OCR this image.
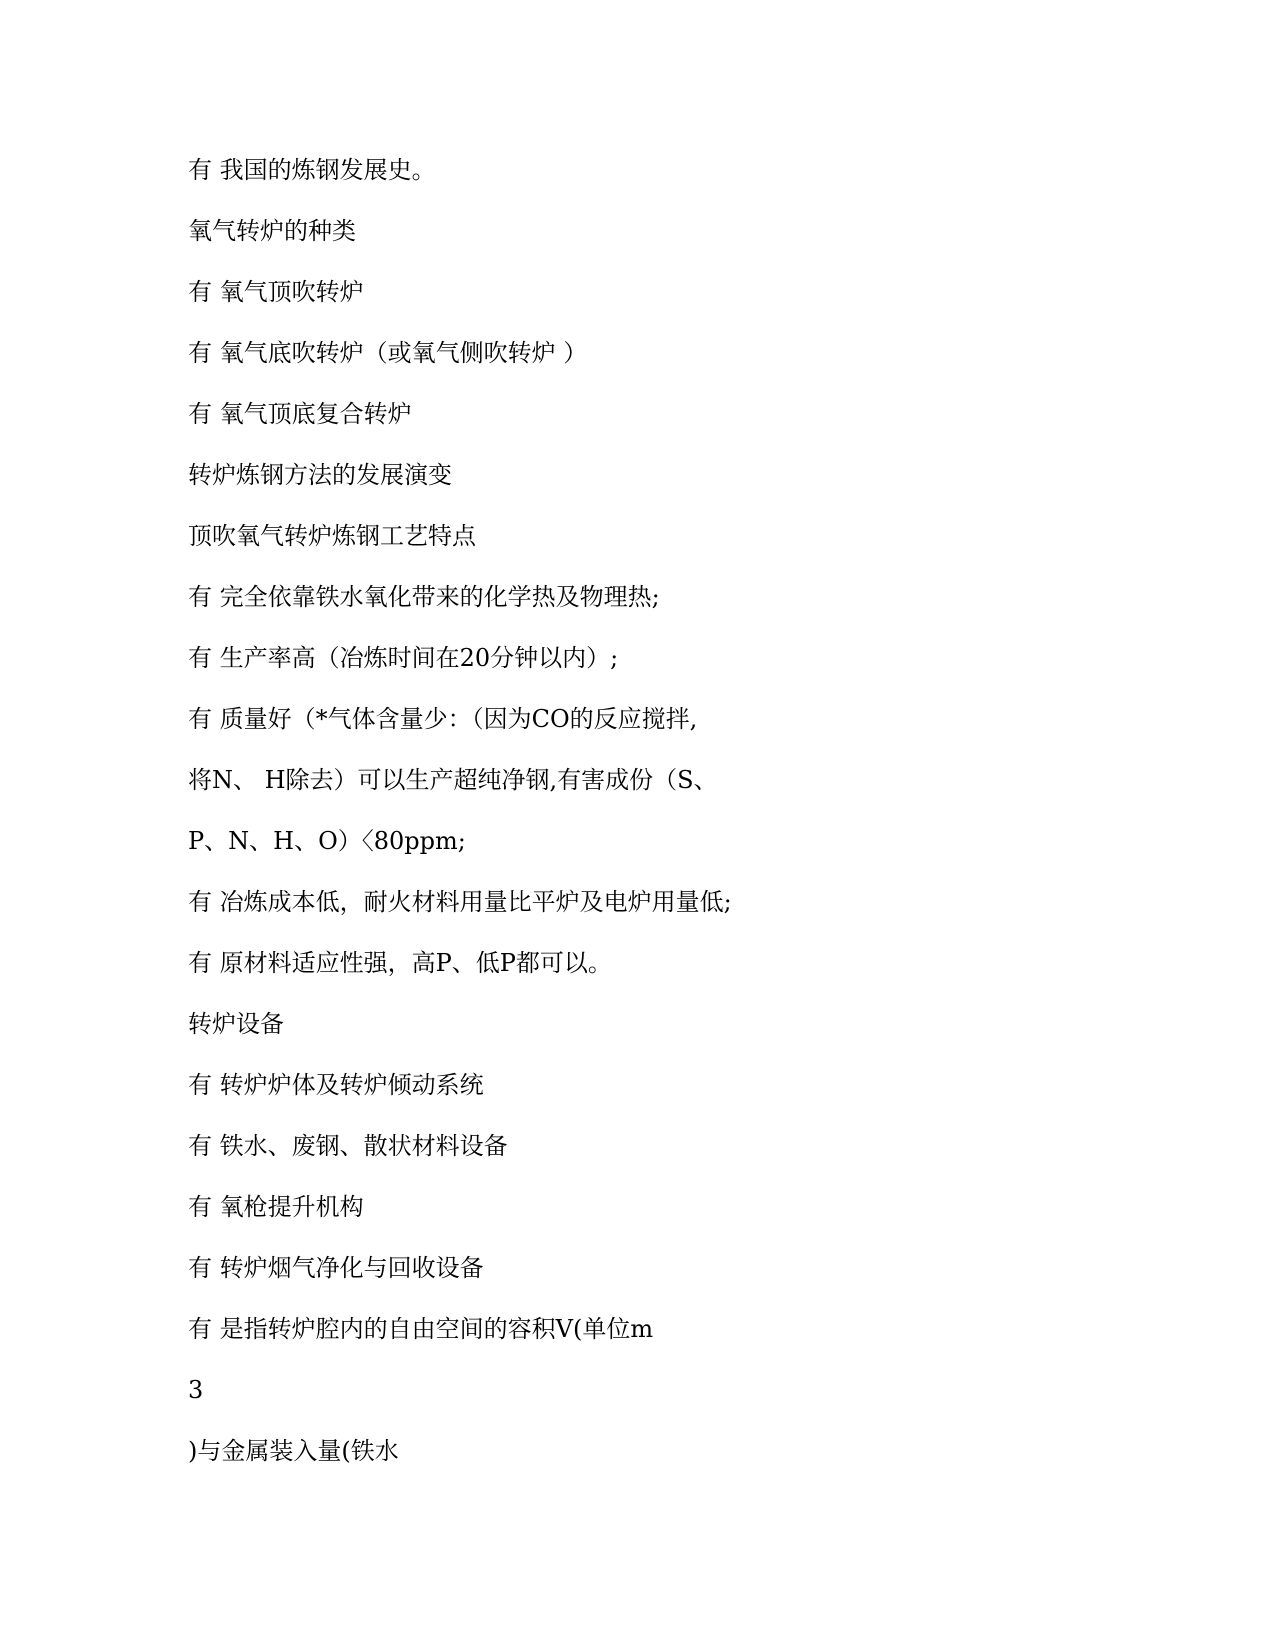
有 我国的炼钢发展史。
氧气转炉的种类
有 氧气顶吹转炉
有 氧气底吹转炉（或氧气侧吹转炉 ）
有 氧气顶底复合转炉
转炉炼钢方法的发展演变
顶吹氧气转炉炼钢工艺特点
有 完全依靠铁水氧化带来的化学热及物理热;
有 生产率高（冶炼时间在20分钟以内）;
有 质量好（*气体含量少：（因为CO的反应搅拌,
将N、 H除去）可以生产超纯净钢,有害成份（S、
P、N、H、O）〈80ppm;
有 冶炼成本低，耐火材料用量比平炉及电炉用量低;
有 原材料适应性强，高P、低P都可以。
转炉设备
有 转炉炉体及转炉倾动系统
有 铁水、废钢、散状材料设备
有 氧枪提升机构
有 转炉烟气净化与回收设备
有 是指转炉腔内的自由空间的容积V(单位m
3
)与金属装入量(铁水
